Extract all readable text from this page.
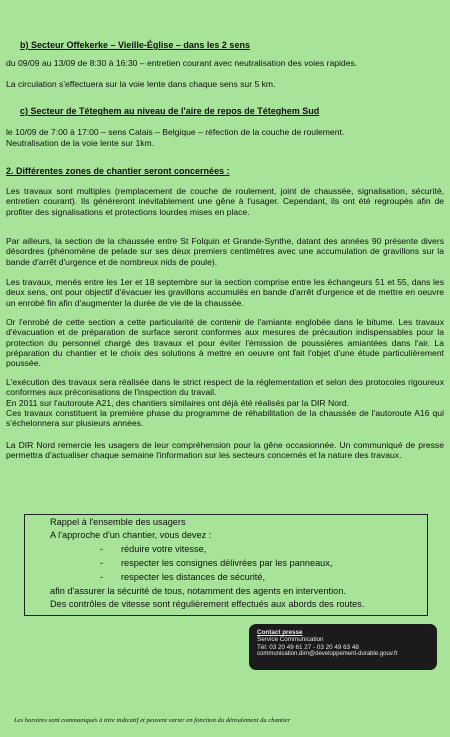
b) Secteur Offekerke – Vieille-Église – dans les 2 sens
du 09/09 au 13/09 de 8:30 à 16:30 – entretien courant avec neutralisation des voies rapides.
La circulation s'effectuera sur la voie lente dans chaque sens sur 5 km.
c) Secteur de Téteghem au niveau de l'aire de repos de Téteghem Sud
le 10/09 de 7:00 à 17:00 – sens Calais – Belgique – réfection de la couche de roulement.
Neutralisation de la voie lente sur 1km.
2. Différentes zones de chantier seront concernées :
Les travaux sont multiples (remplacement de couche de roulement, joint de chaussée, signalisation, sécurité, entretien courant). Ils généreront inévitablement une gêne à l'usager. Cependant, ils ont été regroupés afin de profiter des signalisations et protections lourdes mises en place.
Par ailleurs, la section de la chaussée entre St Folquin et Grande-Synthe, datant des années 90 présente divers désordres (phénomène de pelade sur ses deux premiers centimètres avec une accumulation de gravillons sur la bande d'arrêt d'urgence et de nombreux nids de poule).
Les travaux, menés entre les 1er et 18 septembre sur la section comprise entre les échangeurs 51 et 55, dans les deux sens, ont pour objectif d'évacuer les gravillons accumulés en bande d'arrêt d'urgence et de mettre en oeuvre un enrobé fin afin d'augmenter la durée de vie de la chaussée.
Or l'enrobé de cette section a cette particularité de contenir de l'amiante englobée dans le bitume. Les travaux d'évacuation et de préparation de surface seront conformes aux mesures de précaution indispensables pour la protection du personnel chargé des travaux et pour éviter l'émission de poussières amiantées dans l'air. La préparation du chantier et le choix des solutions à mettre en oeuvre ont fait l'objet d'une étude particulièrement poussée.
L'exécution des travaux sera réalisée dans le strict respect de la réglementation et selon des protocoles rigoureux conformes aux préconisations de l'inspection du travail.
En 2011 sur l'autoroute A21, des chantiers similaires ont déjà été réalisés par la DIR Nord.
Ces travaux constituent la première phase du programme de réhabilitation de la chaussée de l'autoroute A16 qui s'échelonnera sur plusieurs années.
La DIR Nord remercie les usagers de leur compréhension pour la gêne occasionnée. Un communiqué de presse permettra d'actualiser chaque semaine l'information sur les secteurs concernés et la nature des travaux.
Rappel à l'ensemble des usagers
A l'approche d'un chantier, vous devez :
- réduire votre vitesse,
- respecter les consignes délivrées par les panneaux,
- respecter les distances de sécurité,
afin d'assurer la sécurité de tous, notamment des agents en intervention.
Des contrôles de vitesse sont régulièrement effectués aux abords des routes.
Contact presse
Service Communication
Tél: 03 20 49 61 27 - 03 20 49 63 48
communication.dirn@developpement-durable.gouv.fr
Les horaires sont communiqués à titre indicatif et peuvent varier en fonction du déroulement du chantier
